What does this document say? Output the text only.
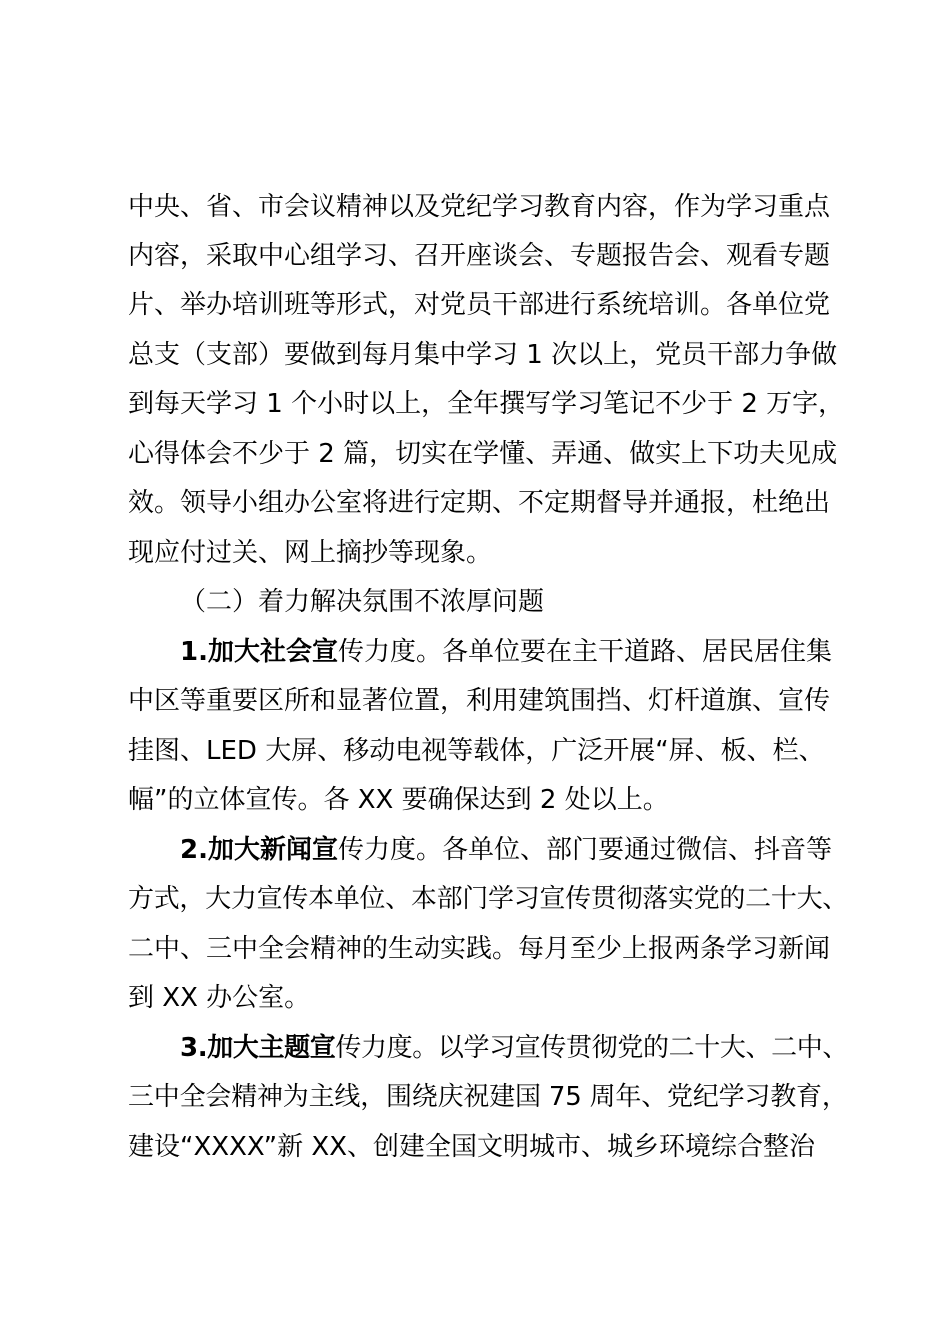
中央、省、市会议精神以及党纪学习教育内容，作为学习重点
内容，采取中心组学习、召开座谈会、专题报告会、观看专题
片、举办培训班等形式，对党员干部进行系统培训。各单位党
总支（支部）要做到每月集中学习 1 次以上，党员干部力争做
到每天学习 1 个小时以上，全年撰写学习笔记不少于 2 万字，
心得体会不少于 2 篇，切实在学懂、弄通、做实上下功夫见成
效。领导小组办公室将进行定期、不定期督导并通报，杜绝出
现应付过关、网上摘抄等现象。
（二）着力解决氛围不浓厚问题
1.加大社会宣传力度。各单位要在主干道路、居民居住集
中区等重要区所和显著位置，利用建筑围挡、灯杆道旗、宣传
挂图、LED 大屏、移动电视等载体，广泛开展“屏、板、栏、
幅”的立体宣传。各 XX 要确保达到 2 处以上。
2.加大新闻宣传力度。各单位、部门要通过微信、抖音等
方式，大力宣传本单位、本部门学习宣传贯彻落实党的二十大、
二中、三中全会精神的生动实践。每月至少上报两条学习新闻
到 XX 办公室。
3.加大主题宣传力度。以学习宣传贯彻党的二十大、二中、
三中全会精神为主线，围绕庆祝建国 75 周年、党纪学习教育，
建设“XXXX”新 XX、创建全国文明城市、城乡环境综合整治
